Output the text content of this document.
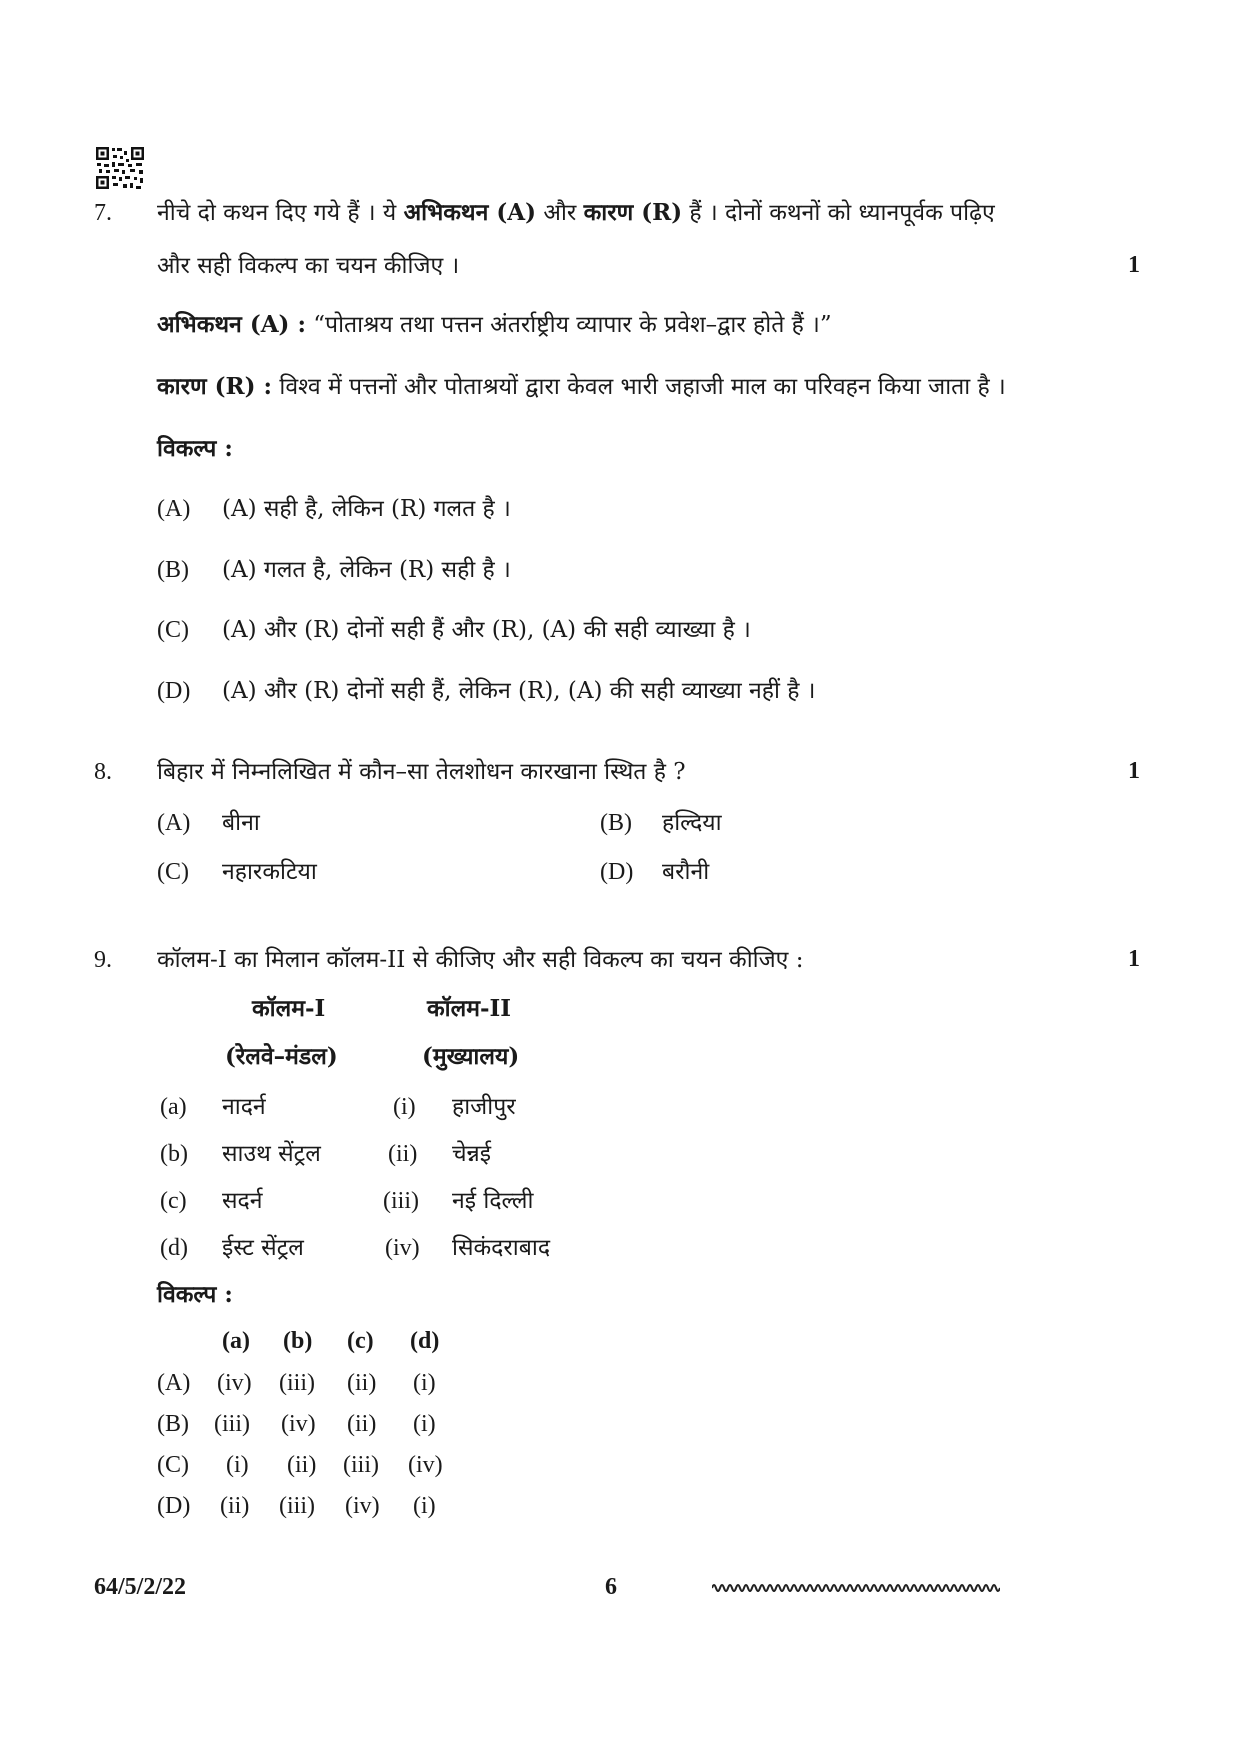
7. नीचे दो कथन दिए गये हैं । ये अभिकथन (A) और कारण (R) हैं । दोनों कथनों को ध्यानपूर्वक पढ़िए
और सही विकल्प का चयन कीजिए ।	1
अभिकथन (A) : “पोताश्रय तथा पत्तन अंतर्राष्ट्रीय व्यापार के प्रवेश–द्वार होते हैं ।”
कारण (R) : विश्व में पत्तनों और पोताश्रयों द्वारा केवल भारी जहाजी माल का परिवहन किया जाता है ।
विकल्प :
(A) (A) सही है, लेकिन (R) गलत है ।
(B) (A) गलत है, लेकिन (R) सही है ।
(C) (A) और (R) दोनों सही हैं और (R), (A) की सही व्याख्या है ।
(D) (A) और (R) दोनों सही हैं, लेकिन (R), (A) की सही व्याख्या नहीं है ।
8. बिहार में निम्नलिखित में कौन–सा तेलशोधन कारखाना स्थित है ?	1
(A) बीना	(B) हल्दिया
(C) नहारकटिया	(D) बरौनी
9. कॉलम-I का मिलान कॉलम-II से कीजिए और सही विकल्प का चयन कीजिए :	1
कॉलम-I	कॉलम-II
(रेलवे–मंडल)	(मुख्यालय)
(a) नादर्न	(i) हाजीपुर
(b) साउथ सेंट्रल	(ii) चेन्नई
(c) सदर्न	(iii) नई दिल्ली
(d) ईस्ट सेंट्रल	(iv) सिकंदराबाद
विकल्प :
(a) (b) (c) (d)
(A) (iv) (iii) (ii) (i)
(B) (iii) (iv) (ii) (i)
(C) (i) (ii) (iii) (iv)
(D) (ii) (iii) (iv) (i)
64/5/2/22	6
